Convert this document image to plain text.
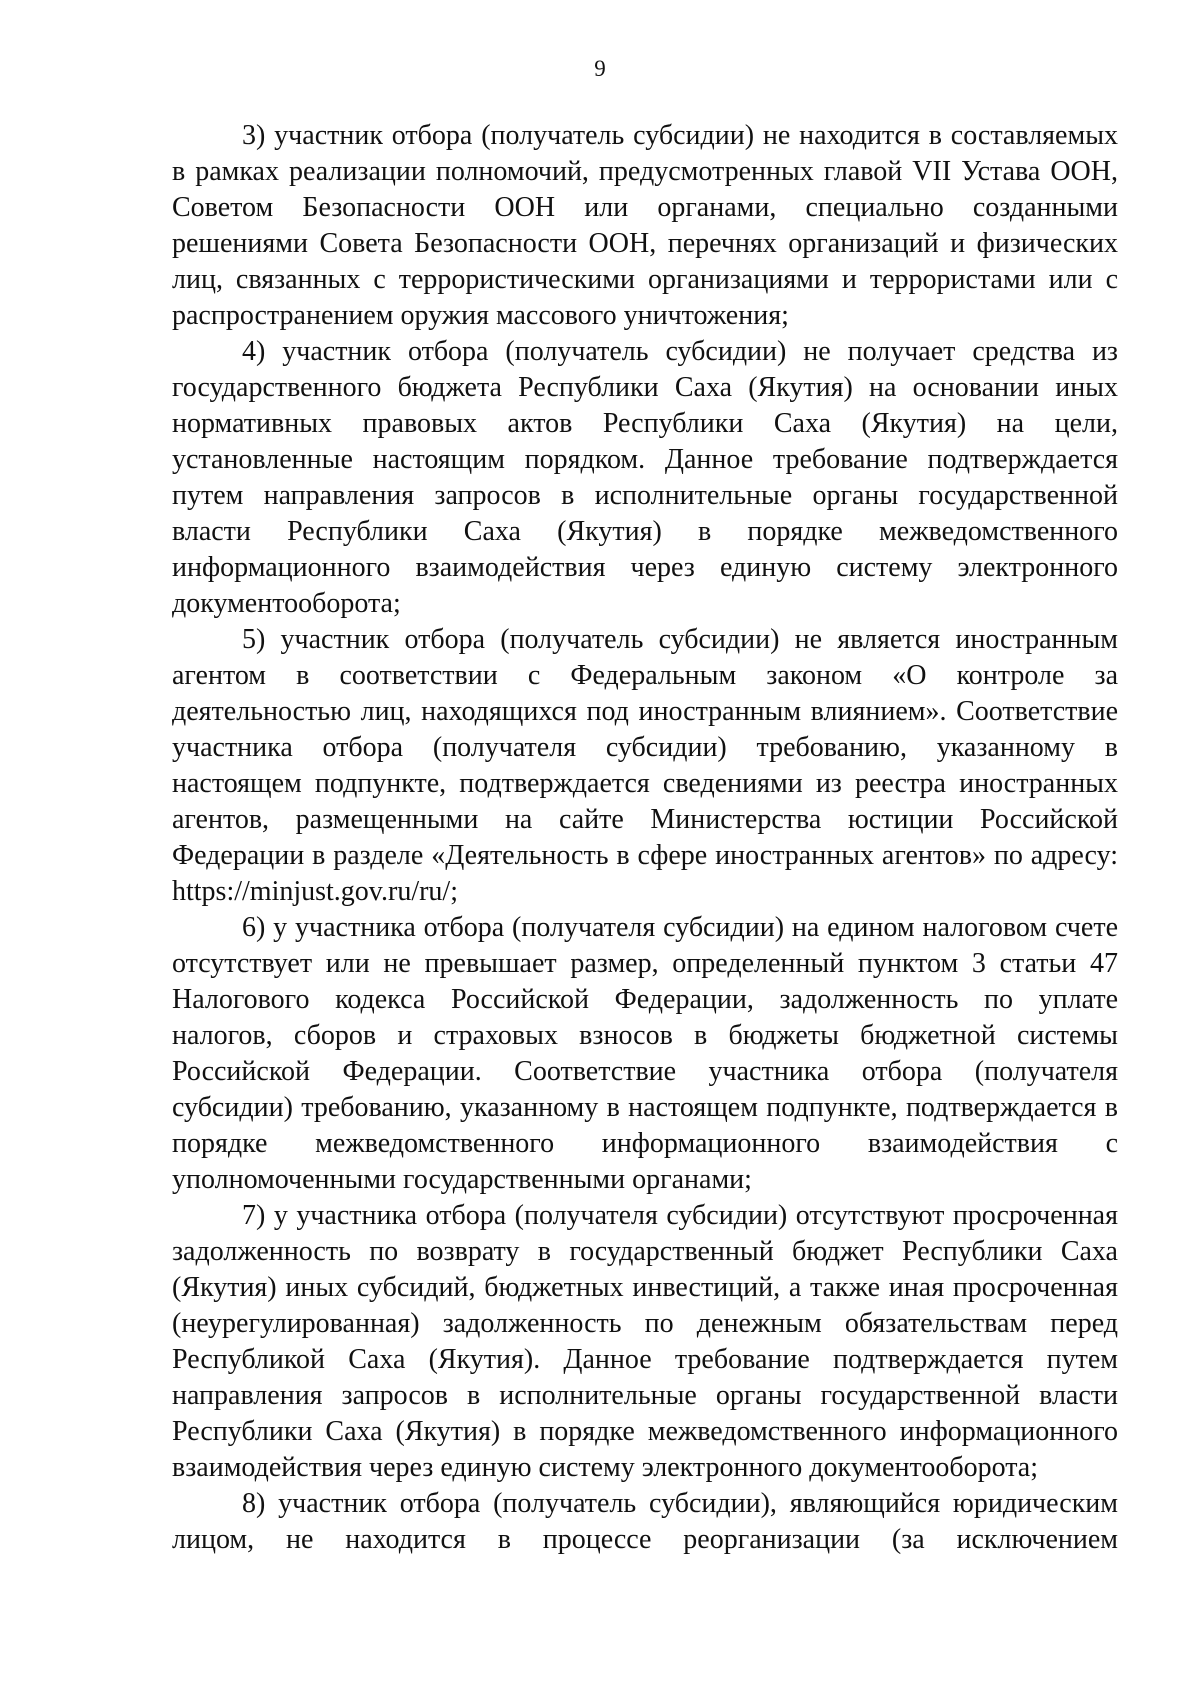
9
3) участник отбора (получатель субсидии) не находится в составляемых
в рамках реализации полномочий, предусмотренных главой VII Устава ООН,
Советом Безопасности ООН или органами, специально созданными
решениями Совета Безопасности ООН, перечнях организаций и физических
лиц, связанных с террористическими организациями и террористами или с
распространением оружия массового уничтожения;
4) участник отбора (получатель субсидии) не получает средства из
государственного бюджета Республики Саха (Якутия) на основании иных
нормативных правовых актов Республики Саха (Якутия) на цели,
установленные настоящим порядком. Данное требование подтверждается
путем направления запросов в исполнительные органы государственной
власти Республики Саха (Якутия) в порядке межведомственного
информационного взаимодействия через единую систему электронного
документооборота;
5) участник отбора (получатель субсидии) не является иностранным
агентом в соответствии с Федеральным законом «О контроле за
деятельностью лиц, находящихся под иностранным влиянием». Соответствие
участника отбора (получателя субсидии) требованию, указанному в
настоящем подпункте, подтверждается сведениями из реестра иностранных
агентов, размещенными на сайте Министерства юстиции Российской
Федерации в разделе «Деятельность в сфере иностранных агентов» по адресу:
https://minjust.gov.ru/ru/;
6) у участника отбора (получателя субсидии) на едином налоговом счете
отсутствует или не превышает размер, определенный пунктом 3 статьи 47
Налогового кодекса Российской Федерации, задолженность по уплате
налогов, сборов и страховых взносов в бюджеты бюджетной системы
Российской Федерации. Соответствие участника отбора (получателя
субсидии) требованию, указанному в настоящем подпункте, подтверждается в
порядке межведомственного информационного взаимодействия с
уполномоченными государственными органами;
7) у участника отбора (получателя субсидии) отсутствуют просроченная
задолженность по возврату в государственный бюджет Республики Саха
(Якутия) иных субсидий, бюджетных инвестиций, а также иная просроченная
(неурегулированная) задолженность по денежным обязательствам перед
Республикой Саха (Якутия). Данное требование подтверждается путем
направления запросов в исполнительные органы государственной власти
Республики Саха (Якутия) в порядке межведомственного информационного
взаимодействия через единую систему электронного документооборота;
8) участник отбора (получатель субсидии), являющийся юридическим
лицом, не находится в процессе реорганизации (за исключением
